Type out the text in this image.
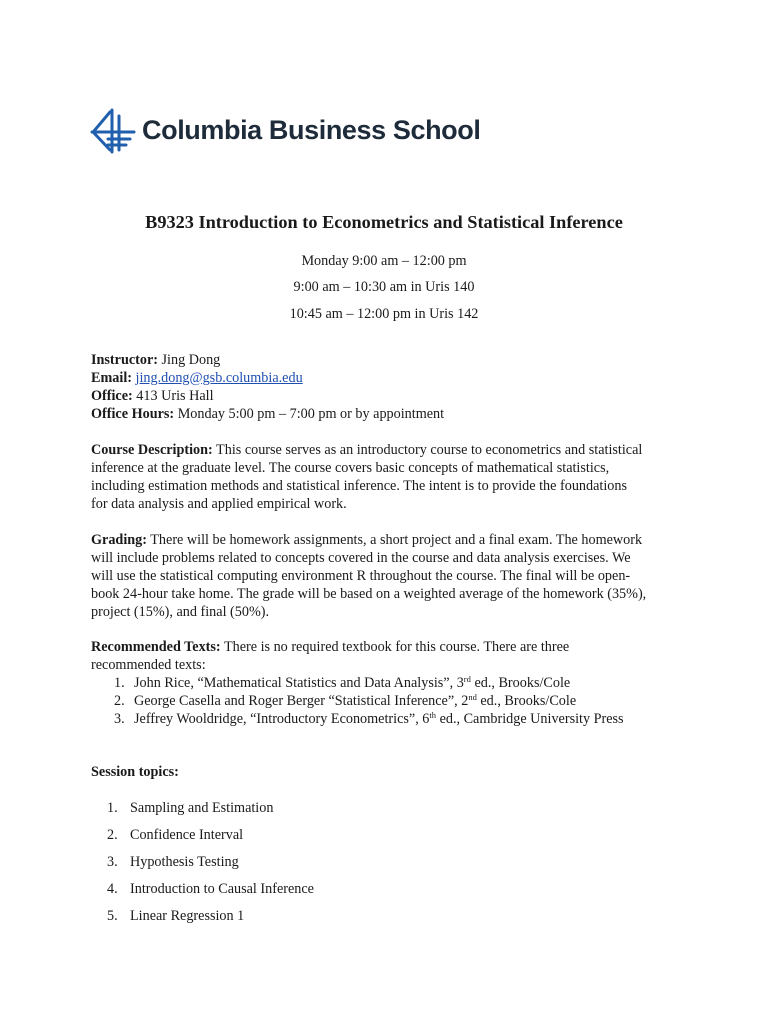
Columbia Business School
B9323 Introduction to Econometrics and Statistical Inference

Monday 9:00 am – 12:00 pm

9:00 am – 10:30 am in Uris 140

10:45 am – 12:00 pm in Uris 142

Instructor: Jing Dong
Email: jing.dong@gsb.columbia.edu
Office: 413 Uris Hall
Office Hours: Monday 5:00 pm – 7:00 pm or by appointment
Course Description: This course serves as an introductory course to econometrics and statistical
inference at the graduate level. The course covers basic concepts of mathematical statistics,
including estimation methods and statistical inference. The intent is to provide the foundations
for data analysis and applied empirical work.
Grading: There will be homework assignments, a short project and a final exam. The homework
will include problems related to concepts covered in the course and data analysis exercises. We
will use the statistical computing environment R throughout the course. The final will be open-
book 24-hour take home. The grade will be based on a weighted average of the homework (35%),
project (15%), and final (50%).
Recommended Texts: There is no required textbook for this course. There are three
recommended texts:
1. John Rice, “Mathematical Statistics and Data Analysis”, 3rd ed., Brooks/Cole
2. George Casella and Roger Berger “Statistical Inference”, 2nd ed., Brooks/Cole
3. Jeffrey Wooldridge, “Introductory Econometrics”, 6th ed., Cambridge University Press

Session topics:

1. Sampling and Estimation
2. Confidence Interval
3. Hypothesis Testing
4. Introduction to Causal Inference
5. Linear Regression 1
